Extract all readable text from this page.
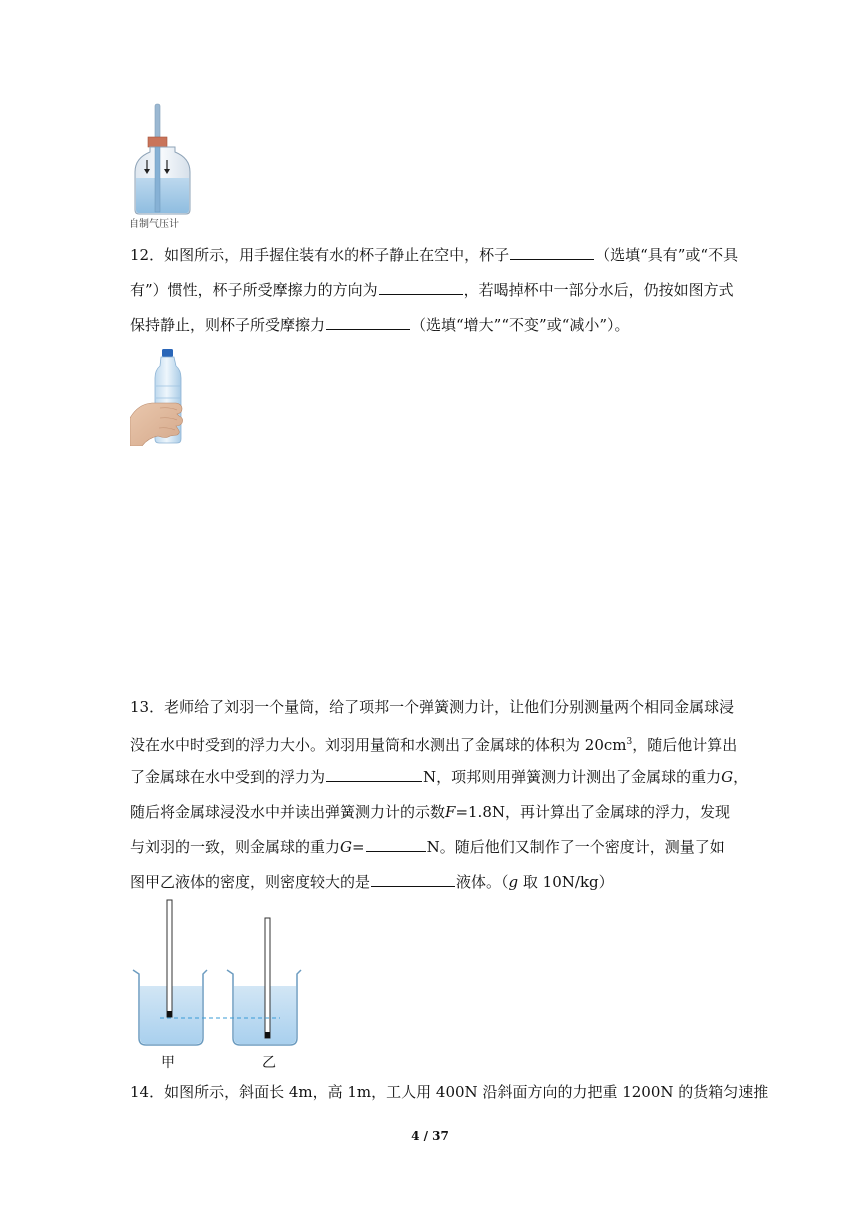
自制气压计
12．如图所示，用手握住装有水的杯子静止在空中，杯子	（选填“具有”或“不具
有”）惯性，杯子所受摩擦力的方向为	，若喝掉杯中一部分水后，仍按如图方式
保持静止，则杯子所受摩擦力	（选填“增大”“不变”或“减小”）。
13．老师给了刘羽一个量筒，给了项邦一个弹簧测力计，让他们分别测量两个相同金属球浸
没在水中时受到的浮力大小。刘羽用量筒和水测出了金属球的体积为 $20cm^3$，随后他计算出
了金属球在水中受到的浮力为	N，项邦则用弹簧测力计测出了金属球的重力G，
随后将金属球浸没水中并读出弹簧测力计的示数F=1.8N，再计算出了金属球的浮力，发现
与刘羽的一致，则金属球的重力G=	N。随后他们又制作了一个密度计，测量了如
图甲乙液体的密度，则密度较大的是	液体。（g 取 10N/kg）
甲	乙
14．如图所示，斜面长 4m，高 1m，工人用 400N 沿斜面方向的力把重 1200N 的货箱匀速推
4 / 37
